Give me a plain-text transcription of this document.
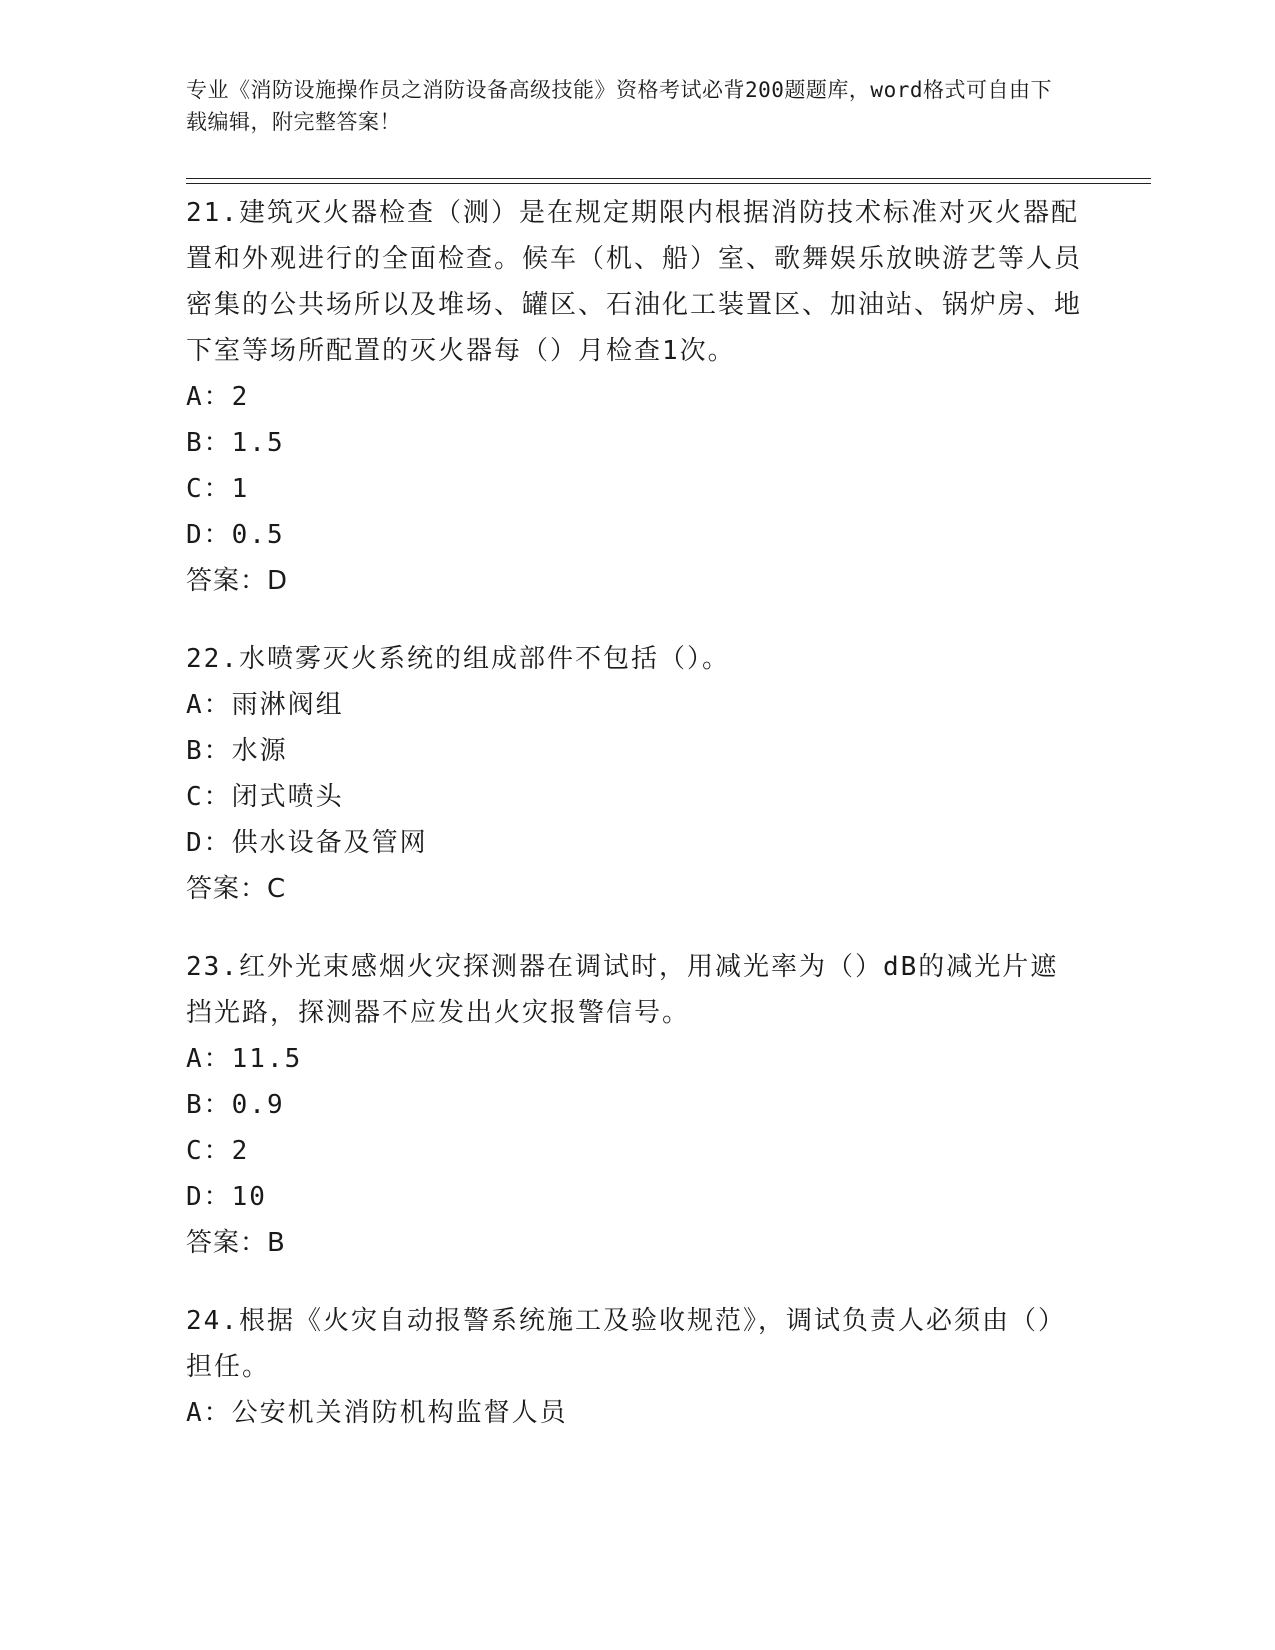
专业《消防设施操作员之消防设备高级技能》资格考试必背200题题库，word格式可自由下载编辑，附完整答案！

21.建筑灭火器检查（测）是在规定期限内根据消防技术标准对灭火器配置和外观进行的全面检查。候车（机、船）室、歌舞娱乐放映游艺等人员密集的公共场所以及堆场、罐区、石油化工装置区、加油站、锅炉房、地下室等场所配置的灭火器每（）月检查1次。

A：2

B：1.5

C：1

D：0.5

答案：D

22.水喷雾灭火系统的组成部件不包括（）。

A：雨淋阀组

B：水源

C：闭式喷头

D：供水设备及管网

答案：C

23.红外光束感烟火灾探测器在调试时，用减光率为（）dB的减光片遮挡光路，探测器不应发出火灾报警信号。

A：11.5

B：0.9

C：2

D：10

答案：B

24.根据《火灾自动报警系统施工及验收规范》，调试负责人必须由（）担任。

A：公安机关消防机构监督人员
